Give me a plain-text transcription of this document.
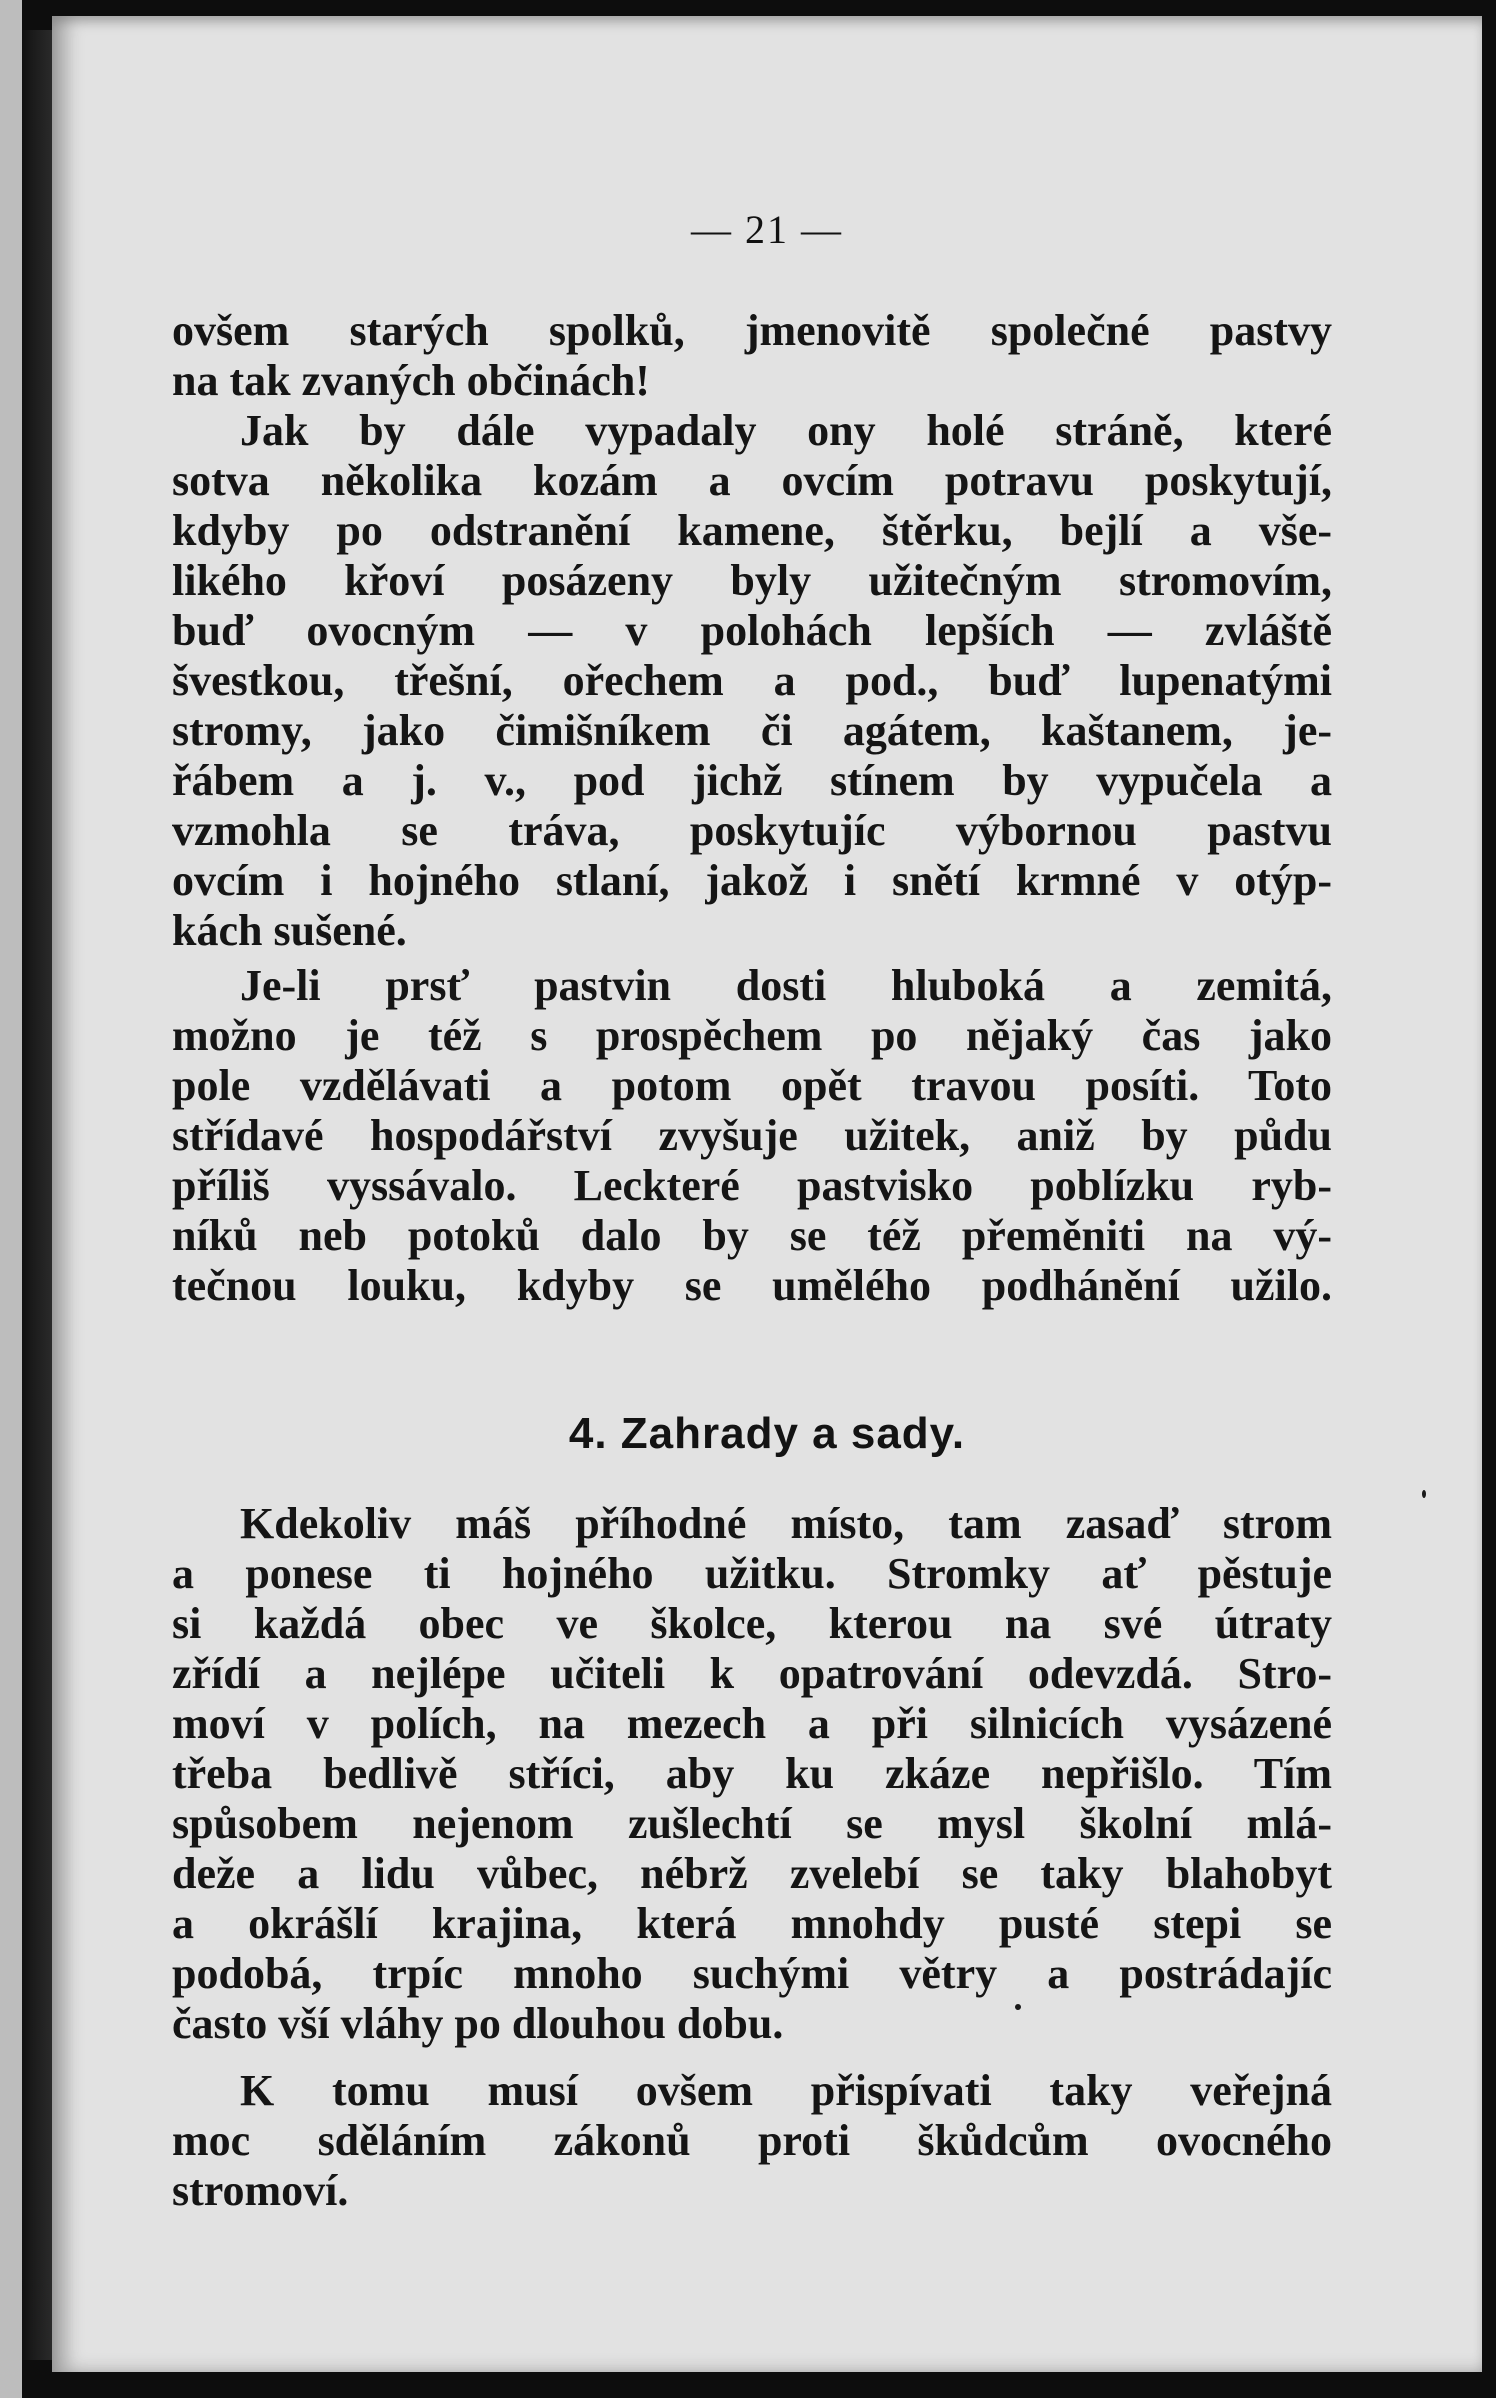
— 21 —
ovšem starých spolků, jmenovitě společné pastvy
na tak zvaných občinách!
Jak by dále vypadaly ony holé stráně, které
sotva několika kozám a ovcím potravu poskytují,
kdyby po odstranění kamene, štěrku, bejlí a vše-
likého křoví posázeny byly užitečným stromovím,
buď ovocným — v polohách lepších — zvláště
švestkou, třešní, ořechem a pod., buď lupenatými
stromy, jako čimišníkem či agátem, kaštanem, je-
řábem a j. v., pod jichž stínem by vypučela a
vzmohla se tráva, poskytujíc výbornou pastvu
ovcím i hojného stlaní, jakož i snětí krmné v otýp-
kách sušené.
Je-li prsť pastvin dosti hluboká a zemitá,
možno je též s prospěchem po nějaký čas jako
pole vzdělávati a potom opět travou posíti. Toto
střídavé hospodářství zvyšuje užitek, aniž by půdu
příliš vyssávalo. Leckteré pastvisko poblízku ryb-
níků neb potoků dalo by se též přeměniti na vý-
tečnou louku, kdyby se umělého podhánění užilo.
4. Zahrady a sady.
Kdekoliv máš příhodné místo, tam zasaď strom
a ponese ti hojného užitku. Stromky ať pěstuje
si každá obec ve školce, kterou na své útraty
zřídí a nejlépe učiteli k opatrování odevzdá. Stro-
moví v polích, na mezech a při silnicích vysázené
třeba bedlivě stříci, aby ku zkáze nepřišlo. Tím
spůsobem nejenom zušlechtí se mysl školní mlá-
deže a lidu vůbec, nébrž zvelebí se taky blahobyt
a okrášlí krajina, která mnohdy pusté stepi se
podobá, trpíc mnoho suchými větry a postrádajíc
často vší vláhy po dlouhou dobu.
K tomu musí ovšem přispívati taky veřejná
moc sděláním zákonů proti škůdcům ovocného
stromoví.
